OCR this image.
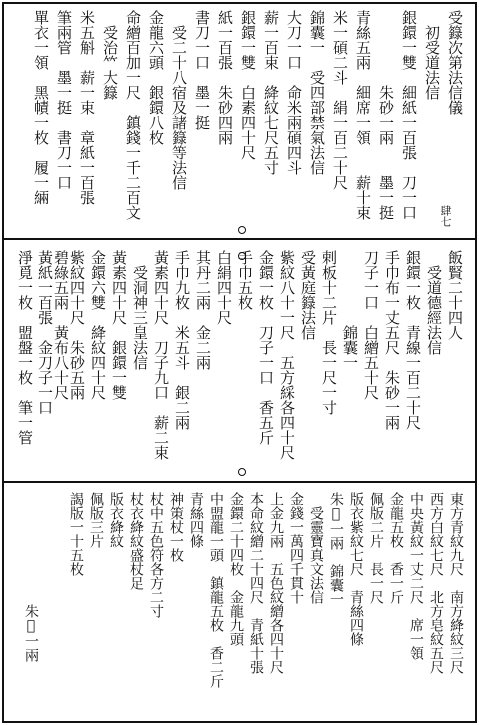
肆七
受籙次第法信儀
　初受道法信
銀鐶一雙　細紙一百張　刀一口
　　　　　朱砂一兩　　墨一挺
青絲五兩　細席一領　　薪十束
米一碩二斗　絹一百二十尺
錦囊一　受四部禁氣法信
大刀一口　命米兩碩四斗
薪一百束　絳紋七尺五寸
銀鐶一雙　白素四十尺
紙一百張　朱砂四兩
書刀一口　墨一挺
　受二十八宿及諸籙等法信
金龍六頭　銀鐶八枚
命繒百加一尺　鎮錢一千二百文
　受治𥫗大籙
米五斛　薪一束　章紙一百張
筆兩管　墨一挺　書刀一口
單衣一領　黑幘一枚　履一緉
飯賢二十四人
　受道德經法信
銀鐶一枚　青線一百二十尺
手巾布一丈五尺　朱砂一兩
刀子一口　白繒五十尺
　　　　　錦囊一
剌板十二片　長一尺一寸
受黃庭籙法信
紫紋八十一尺　五方綵各四十尺
金鐶一枚　刀子一口　香五斤
手巾五枚
白絹四十尺
其丹二兩　金二兩
手巾九枚　米五斗　銀二兩
黃素四十尺　刀子九口　薪二束
　受洞神三皇法信
黃素四十尺　銀鐶一雙
金鐶六雙　絳紋四十尺
紫紋四十尺　朱砂五兩
碧綠五兩　黃布八十尺
黃紙一百張　金刀子一口
淨覓一枚　盟盤一枚　筆一管
東方青紋九尺　南方絳紋三尺
西方白紋七尺　北方皂紋五尺
中央黃紋一丈二尺　席一領
金龍五枚　香一斤
佩版二片　長一尺
版衣紫紋七尺　青絲四條
朱𩲸一兩　錦囊一
　受靈寶真文法信
金錢一萬四千貫十
上金九兩　五色紋繒各四十尺
本命紋繒二十四尺　青紙十張
金鐶二十四枚　金龍九頭
中盟龍一頭　鎮龍五枚　香二斤
青絲四條
神策杖一枚
杖中五色符各方二寸
杖衣絳紋盛杖足
版衣絳紋
佩版三片
謁版一十五枚
　　　　　　　　朱𩲸一兩
